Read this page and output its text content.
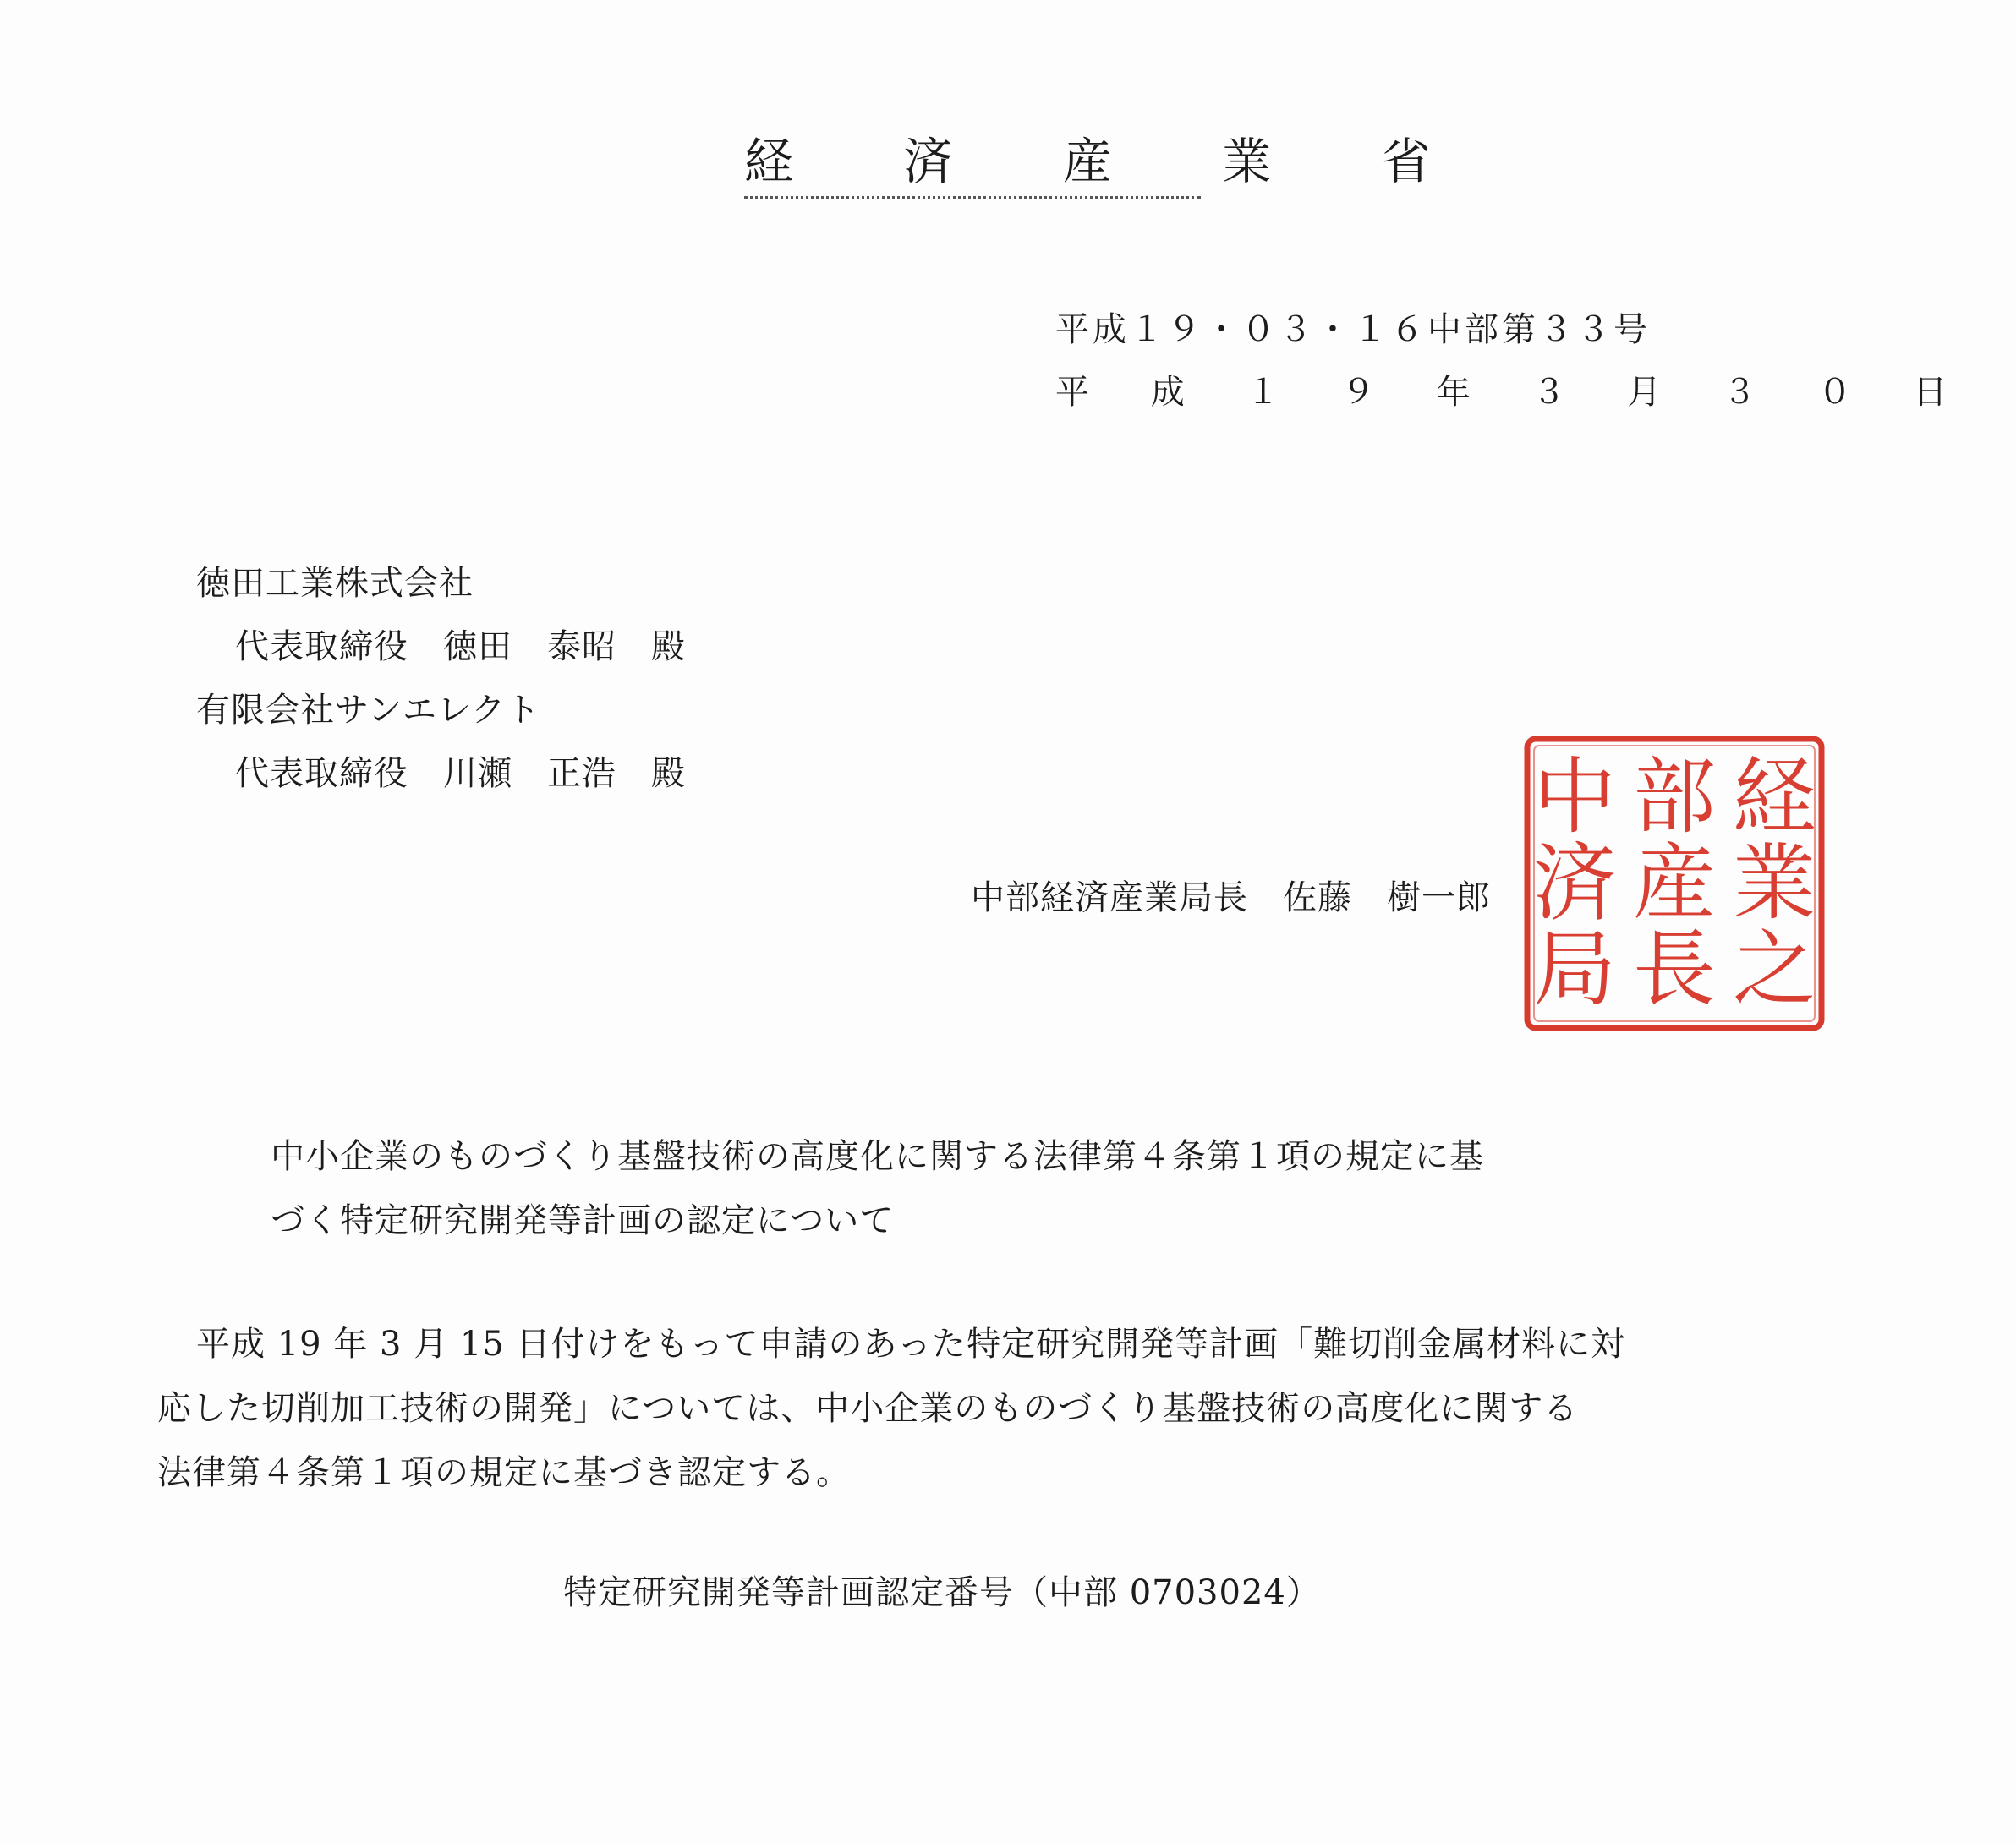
経 済 産 業 省
平成１９・０３・１６中部第３３号
平 成 １ ９ 年 ３ 月 ３ ０ 日
徳田工業株式会社
代表取締役　徳田　泰昭　殿
有限会社サンエレクト
代表取締役　川瀬　正浩　殿
中部経済産業局長　佐藤　樹一郎
経
業
之
部
産
長
中
済
局
中小企業のものづくり基盤技術の高度化に関する法律第４条第１項の規定に基
づく特定研究開発等計画の認定について
平成 19 年 3 月 15 日付けをもって申請のあった特定研究開発等計画「難切削金属材料に対
応した切削加工技術の開発」については、中小企業のものづくり基盤技術の高度化に関する
法律第４条第１項の規定に基づき認定する。
特定研究開発等計画認定番号（中部 0703024）
